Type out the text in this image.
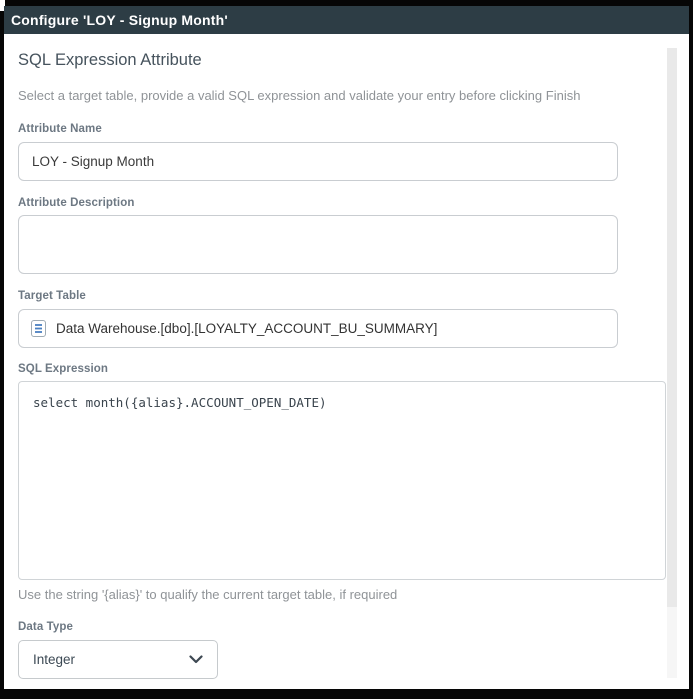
Configure 'LOY - Signup Month'
SQL Expression Attribute
Select a target table, provide a valid SQL expression and validate your entry before clicking Finish
Attribute Name
LOY - Signup Month
Attribute Description
Target Table
Data Warehouse.[dbo].[LOYALTY_ACCOUNT_BU_SUMMARY]
SQL Expression
select month({alias}.ACCOUNT_OPEN_DATE)
Use the string '{alias}' to qualify the current target table, if required
Data Type
Integer
